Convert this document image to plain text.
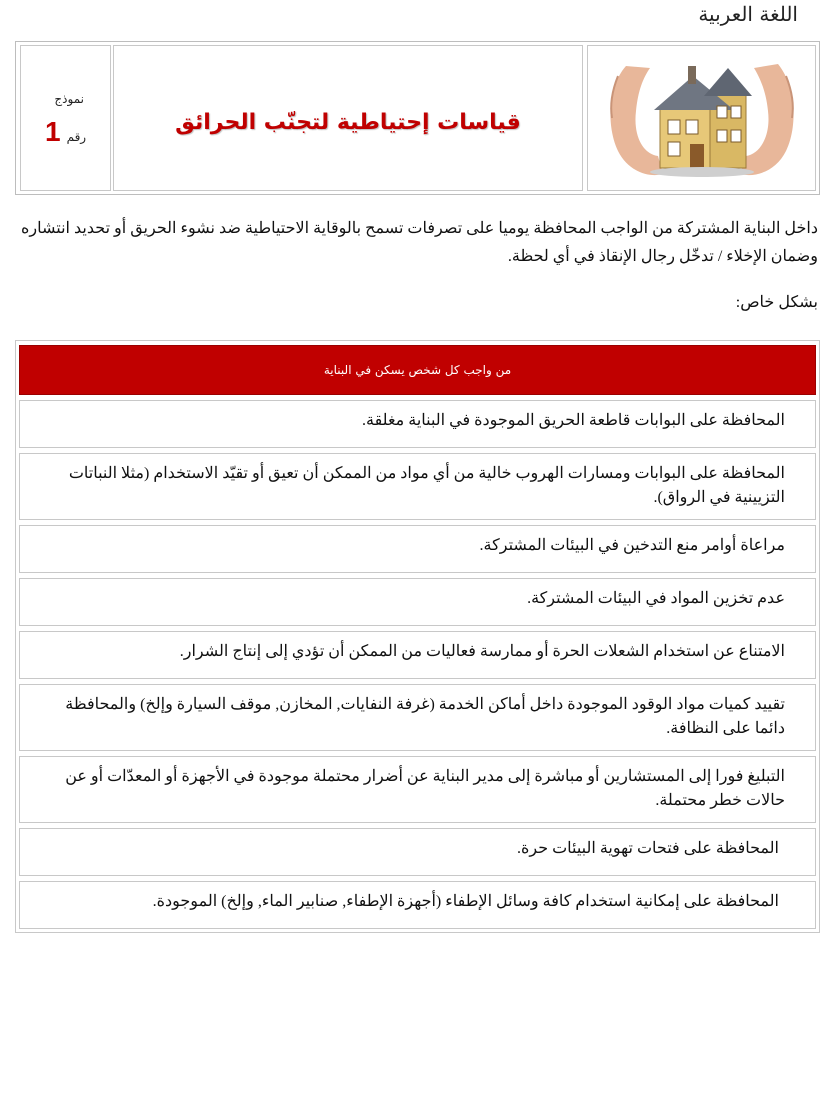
اللغة العربية
نموذج
1 رقم
قياسات إحتياطية لتجنّب الحرائق
داخل البناية المشتركة من الواجب المحافظة يوميا على تصرفات تسمح بالوقاية الاحتياطية ضد نشوء الحريق أو تحديد انتشاره وضمان الإخلاء / تدخّل رجال الإنقاذ في أي لحظة.
بشكل خاص:
من واجب كل شخص يسكن في البناية
المحافظة على البوابات قاطعة الحريق الموجودة في البناية مغلقة.
المحافظة على البوابات ومسارات الهروب خالية من أي مواد من الممكن أن تعيق أو تقيّد الاستخدام (مثلا النباتات التزيينية في الرواق).
مراعاة أوامر منع التدخين في البيئات المشتركة.
عدم تخزين المواد في البيئات المشتركة.
الامتناع عن استخدام الشعلات الحرة أو ممارسة فعاليات من الممكن أن تؤدي إلى إنتاج الشرار.
تقييد كميات مواد الوقود الموجودة داخل أماكن الخدمة (غرفة النفايات, المخازن, موقف السيارة وإلخ) والمحافظة دائما على النظافة.
التبليغ فورا إلى المستشارين أو مباشرة إلى مدير البناية عن أضرار محتملة موجودة في الأجهزة أو المعدّات أو عن حالات خطر محتملة.
المحافظة على فتحات تهوية البيئات حرة.
المحافظة على إمكانية استخدام كافة وسائل الإطفاء (أجهزة الإطفاء, صنابير الماء, وإلخ) الموجودة.
